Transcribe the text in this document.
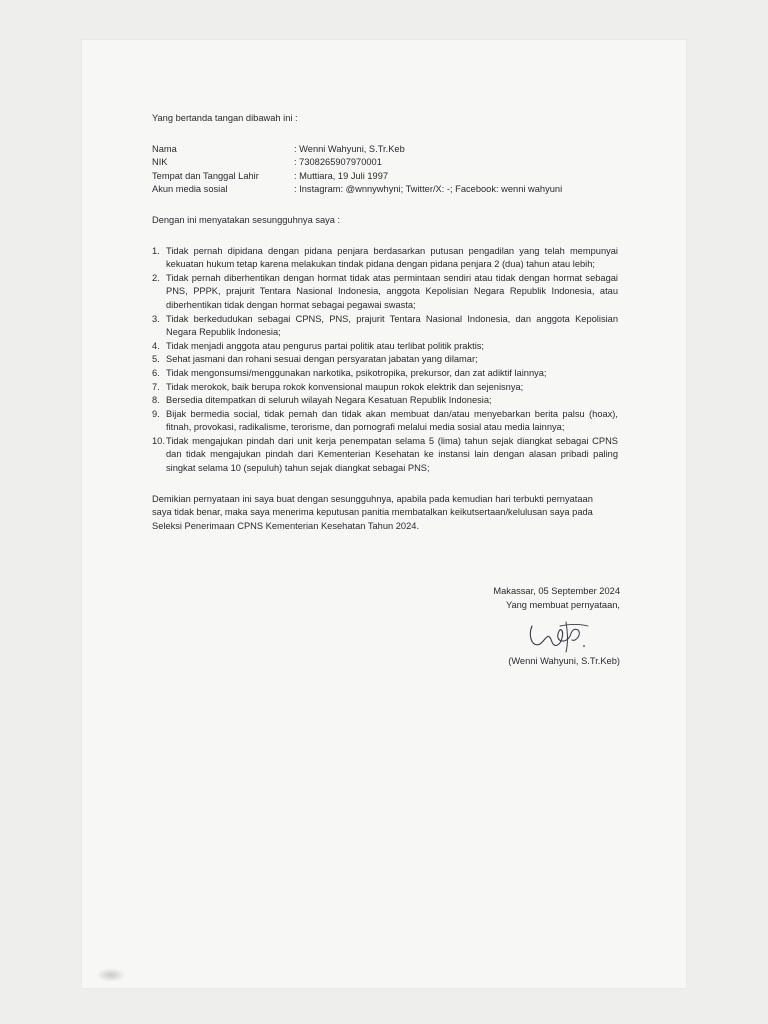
Yang bertanda tangan dibawah ini :

Nama	: Wenni Wahyuni, S.Tr.Keb
NIK	: 7308265907970001
Tempat dan Tanggal Lahir	: Muttiara, 19 Juli 1997
Akun media sosial	: Instagram: @wnnywhyni; Twitter/X: -; Facebook: wenni wahyuni

Dengan ini menyatakan sesungguhnya saya :

1. Tidak pernah dipidana dengan pidana penjara berdasarkan putusan pengadilan yang telah mempunyai kekuatan hukum tetap karena melakukan tindak pidana dengan pidana penjara 2 (dua) tahun atau lebih;
2. Tidak pernah diberhentikan dengan hormat tidak atas permintaan sendiri atau tidak dengan hormat sebagai PNS, PPPK, prajurit Tentara Nasional Indonesia, anggota Kepolisian Negara Republik Indonesia, atau diberhentikan tidak dengan hormat sebagai pegawai swasta;
3. Tidak berkedudukan sebagai CPNS, PNS, prajurit Tentara Nasional Indonesia, dan anggota Kepolisian Negara Republik Indonesia;
4. Tidak menjadi anggota atau pengurus partai politik atau terlibat politik praktis;
5. Sehat jasmani dan rohani sesuai dengan persyaratan jabatan yang dilamar;
6. Tidak mengonsumsi/menggunakan narkotika, psikotropika, prekursor, dan zat adiktif lainnya;
7. Tidak merokok, baik berupa rokok konvensional maupun rokok elektrik dan sejenisnya;
8. Bersedia ditempatkan di seluruh wilayah Negara Kesatuan Republik Indonesia;
9. Bijak bermedia social, tidak pernah dan tidak akan membuat dan/atau menyebarkan berita palsu (hoax), fitnah, provokasi, radikalisme, terorisme, dan pornografi melalui media sosial atau media lainnya;
10. Tidak mengajukan pindah dari unit kerja penempatan selama 5 (lima) tahun sejak diangkat sebagai CPNS dan tidak mengajukan pindah dari Kementerian Kesehatan ke instansi lain dengan alasan pribadi paling singkat selama 10 (sepuluh) tahun sejak diangkat sebagai PNS;

Demikian pernyataan ini saya buat dengan sesungguhnya, apabila pada kemudian hari terbukti pernyataan

saya tidak benar, maka saya menerima keputusan panitia membatalkan keikutsertaan/kelulusan saya pada

Seleksi Penerimaan CPNS Kementerian Kesehatan Tahun 2024.

Makassar, 05 September 2024
Yang membuat pernyataan,
(Wenni Wahyuni, S.Tr.Keb)
